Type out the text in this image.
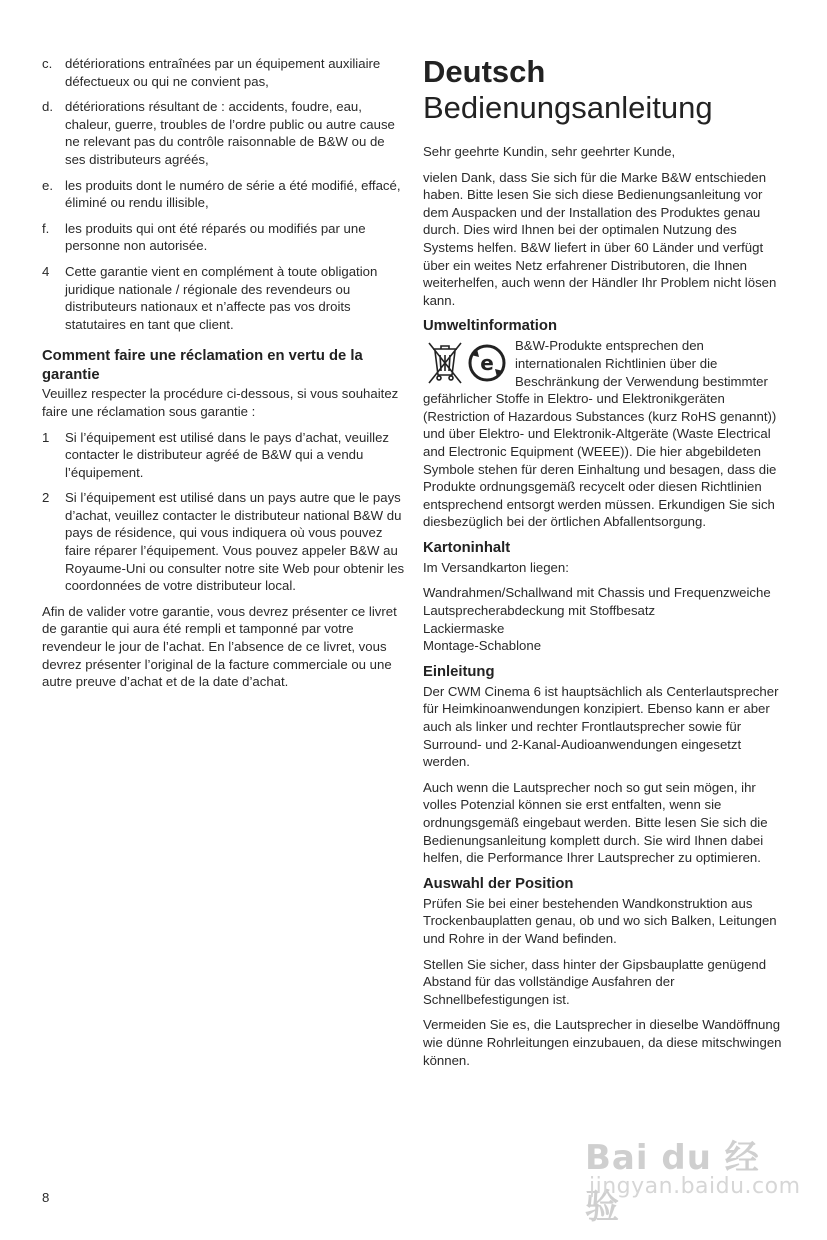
c. détériorations entraînées par un équipement auxiliaire défectueux ou qui ne convient pas,
d. détériorations résultant de : accidents, foudre, eau, chaleur, guerre, troubles de l’ordre public ou autre cause ne relevant pas du contrôle raisonnable de B&W ou de ses distributeurs agréés,
e. les produits dont le numéro de série a été modifié, effacé, éliminé ou rendu illisible,
f.	les produits qui ont été réparés ou modifiés par une personne non autorisée.
4	Cette garantie vient en complément à toute obligation juridique nationale / régionale des revendeurs ou distributeurs nationaux et n’affecte pas vos droits statutaires en tant que client.
Comment faire une réclamation en vertu de la garantie

Veuillez respecter la procédure ci-dessous, si vous souhaitez faire une réclamation sous garantie :

1	Si l’équipement est utilisé dans le pays d’achat, veuillez contacter le distributeur agréé de B&W qui a vendu l’équipement.
2	Si l’équipement est utilisé dans un pays autre que le pays d’achat, veuillez contacter le distributeur national B&W du pays de résidence, qui vous indiquera où vous pouvez faire réparer l’équipement. Vous pouvez appeler B&W au Royaume-Uni ou consulter notre site Web pour obtenir les coordonnées de votre distributeur local.

Afin de valider votre garantie, vous devrez présenter ce livret de garantie qui aura été rempli et tamponné par votre revendeur le jour de l’achat. En l’absence de ce livret, vous devrez présenter l’original de la facture commerciale ou une autre preuve d’achat et de la date d’achat.

Deutsch
Bedienungsanleitung

Sehr geehrte Kundin, sehr geehrter Kunde,

vielen Dank, dass Sie sich für die Marke B&W entschieden haben. Bitte lesen Sie sich diese Bedienungsanleitung vor dem Auspacken und der Installation des Produktes genau durch. Dies wird Ihnen bei der optimalen Nutzung des Systems helfen. B&W liefert in über 60 Länder und verfügt über ein weites Netz erfahrener Distributoren, die Ihnen weiterhelfen, auch wenn der Händler Ihr Problem nicht lösen kann.

Umweltinformation
e
B&W-Produkte entsprechen den internationalen Richtlinien über die Beschränkung der Verwendung bestimmter gefährlicher Stoffe in Elektro- und Elektronikgeräten (Restriction of Hazardous Substances (kurz RoHS genannt)) und über Elektro- und Elektronik-Altgeräte (Waste Electrical and Electronic Equipment (WEEE)). Die hier abgebildeten Symbole stehen für deren Einhaltung und besagen, dass die Produkte ordnungsgemäß recycelt oder diesen Richtlinien entsprechend entsorgt werden müssen. Erkundigen Sie sich diesbezüglich bei der örtlichen Abfallentsorgung.
Kartoninhalt

Im Versandkarton liegen:

Wandrahmen/Schallwand mit Chassis und Frequenzweiche
Lautsprecherabdeckung mit Stoffbesatz
Lackiermaske
Montage-Schablone
Einleitung

Der CWM Cinema 6 ist hauptsächlich als Centerlautsprecher für Heimkinoanwendungen konzipiert. Ebenso kann er aber auch als linker und rechter Frontlautsprecher sowie für Surround- und 2-Kanal-Audioanwendungen eingesetzt werden.

Auch wenn die Lautsprecher noch so gut sein mögen, ihr volles Potenzial können sie erst entfalten, wenn sie ordnungsgemäß eingebaut werden. Bitte lesen Sie sich die Bedienungsanleitung komplett durch. Sie wird Ihnen dabei helfen, die Performance Ihrer Lautsprecher zu optimieren.

Auswahl der Position

Prüfen Sie bei einer bestehenden Wandkonstruktion aus Trockenbauplatten genau, ob und wo sich Balken, Leitungen und Rohre in der Wand befinden.

Stellen Sie sicher, dass hinter der Gipsbauplatte genügend Abstand für das vollständige Ausfahren der Schnellbefestigungen ist.

Vermeiden Sie es, die Lautsprecher in dieselbe Wandöffnung wie dünne Rohrleitungen einzubauen, da diese mitschwingen können.

8
Bai du 经验
jingyan.baidu.com
